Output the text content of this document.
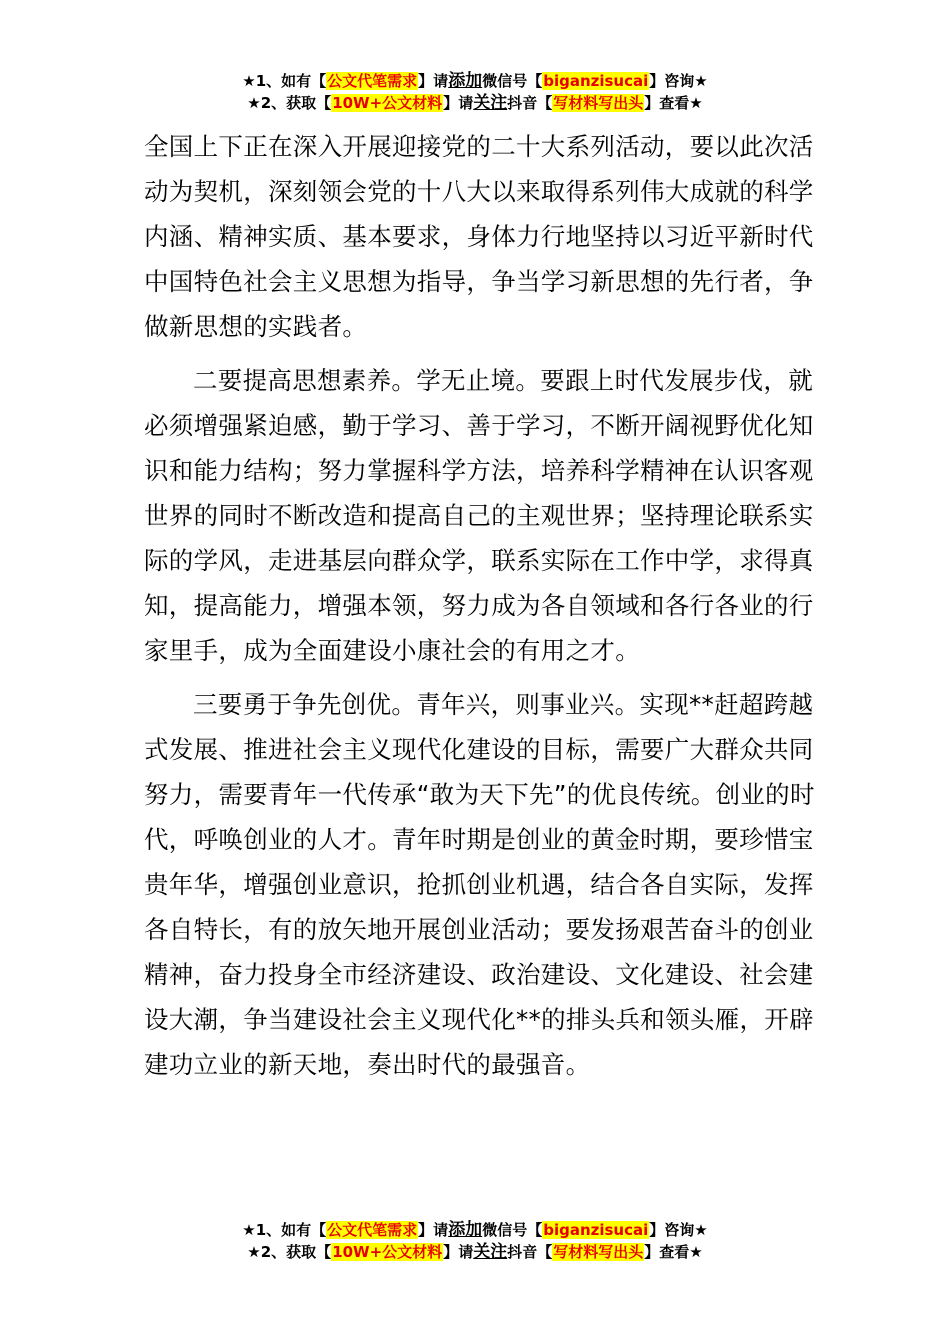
★1、如有【公文代笔需求】请添加微信号【biganzisucai】咨询★
★2、获取【10W+公文材料】请关注抖音【写材料写出头】查看★

全国上下正在深入开展迎接党的二十大系列活动，要以此次活动为契机，深刻领会党的十八大以来取得系列伟大成就的科学内涵、精神实质、基本要求，身体力行地坚持以习近平新时代中国特色社会主义思想为指导，争当学习新思想的先行者，争做新思想的实践者。

二要提高思想素养。学无止境。要跟上时代发展步伐，就必须增强紧迫感，勤于学习、善于学习，不断开阔视野优化知识和能力结构；努力掌握科学方法，培养科学精神在认识客观世界的同时不断改造和提高自己的主观世界；坚持理论联系实际的学风，走进基层向群众学，联系实际在工作中学，求得真知，提高能力，增强本领，努力成为各自领域和各行各业的行家里手，成为全面建设小康社会的有用之才。

三要勇于争先创优。青年兴，则事业兴。实现**赶超跨越式发展、推进社会主义现代化建设的目标，需要广大群众共同努力，需要青年一代传承“敢为天下先”的优良传统。创业的时代，呼唤创业的人才。青年时期是创业的黄金时期，要珍惜宝贵年华，增强创业意识，抢抓创业机遇，结合各自实际，发挥各自特长，有的放矢地开展创业活动；要发扬艰苦奋斗的创业精神，奋力投身全市经济建设、政治建设、文化建设、社会建设大潮，争当建设社会主义现代化**的排头兵和领头雁，开辟建功立业的新天地，奏出时代的最强音。

★1、如有【公文代笔需求】请添加微信号【biganzisucai】咨询★
★2、获取【10W+公文材料】请关注抖音【写材料写出头】查看★
